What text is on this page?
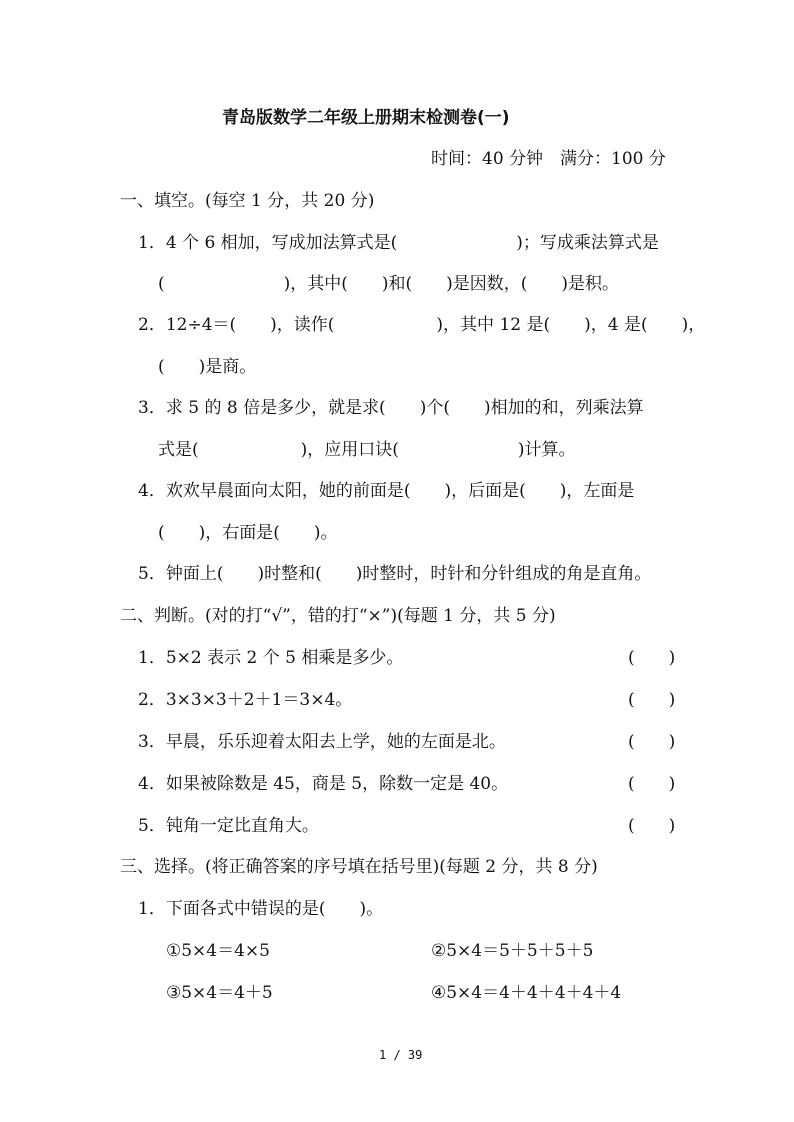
青岛版数学二年级上册期末检测卷(一)
时间：40 分钟　满分：100 分
一、填空。(每空 1 分，共 20 分)
1．4 个 6 相加，写成加法算式是(　　　　　　　)；写成乘法算式是
(　　　　　　　)，其中(　　)和(　　)是因数，(　　)是积。
2．12÷4＝(　　)，读作(　　　　　　)，其中 12 是(　　)，4 是(　　)，
(　　)是商。
3．求 5 的 8 倍是多少，就是求(　　)个(　　)相加的和，列乘法算
式是(　　　　　　)，应用口诀(　　　　　　　)计算。
4．欢欢早晨面向太阳，她的前面是(　　)，后面是(　　)，左面是
(　　)，右面是(　　)。
5．钟面上(　　)时整和(　　)时整时，时针和分针组成的角是直角。
二、判断。(对的打“√”，错的打“×”)(每题 1 分，共 5 分)
1．5×2 表示 2 个 5 相乘是多少。	(　　)
2．3×3×3＋2＋1＝3×4。	(　　)
3．早晨，乐乐迎着太阳去上学，她的左面是北。	(　　)
4．如果被除数是 45，商是 5，除数一定是 40。	(　　)
5．钝角一定比直角大。	(　　)
三、选择。(将正确答案的序号填在括号里)(每题 2 分，共 8 分)
1．下面各式中错误的是(　　)。
①5×4＝4×5	②5×4＝5＋5＋5＋5
③5×4＝4＋5	④5×4＝4＋4＋4＋4＋4
1 / 39
